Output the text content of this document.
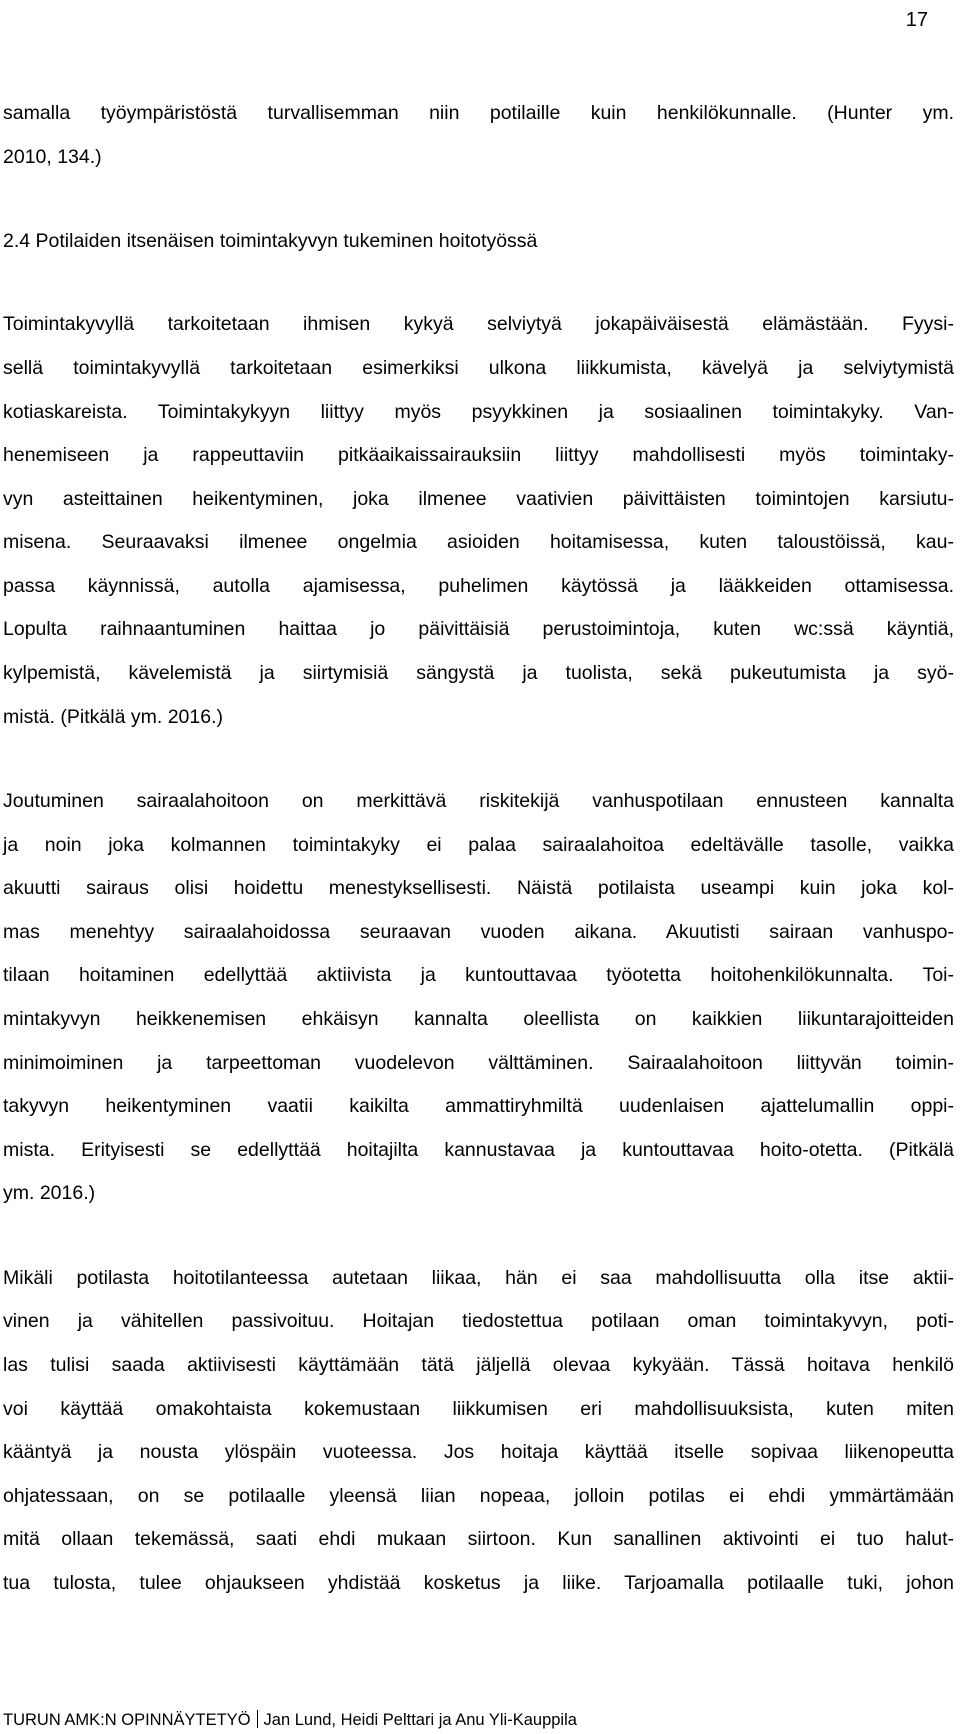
17
samalla työympäristöstä turvallisemman niin potilaille kuin henkilökunnalle. (Hunter ym.
2010, 134.)
2.4 Potilaiden itsenäisen toimintakyvyn tukeminen hoitotyössä
Toimintakyvyllä tarkoitetaan ihmisen kykyä selviytyä jokapäiväisestä elämästään. Fyysi-
sellä toimintakyvyllä tarkoitetaan esimerkiksi ulkona liikkumista, kävelyä ja selviytymistä
kotiaskareista. Toimintakykyyn liittyy myös psyykkinen ja sosiaalinen toimintakyky. Van-
henemiseen ja rappeuttaviin pitkäaikaissairauksiin liittyy mahdollisesti myös toimintaky-
vyn asteittainen heikentyminen, joka ilmenee vaativien päivittäisten toimintojen karsiutu-
misena. Seuraavaksi ilmenee ongelmia asioiden hoitamisessa, kuten taloustöissä, kau-
passa käynnissä, autolla ajamisessa, puhelimen käytössä ja lääkkeiden ottamisessa.
Lopulta raihnaantuminen haittaa jo päivittäisiä perustoimintoja, kuten wc:ssä käyntiä,
kylpemistä, kävelemistä ja siirtymisiä sängystä ja tuolista, sekä pukeutumista ja syö-
mistä. (Pitkälä ym. 2016.)
Joutuminen sairaalahoitoon on merkittävä riskitekijä vanhuspotilaan ennusteen kannalta
ja noin joka kolmannen toimintakyky ei palaa sairaalahoitoa edeltävälle tasolle, vaikka
akuutti sairaus olisi hoidettu menestyksellisesti. Näistä potilaista useampi kuin joka kol-
mas menehtyy sairaalahoidossa seuraavan vuoden aikana. Akuutisti sairaan vanhuspo-
tilaan hoitaminen edellyttää aktiivista ja kuntouttavaa työotetta hoitohenkilökunnalta. Toi-
mintakyvyn heikkenemisen ehkäisyn kannalta oleellista on kaikkien liikuntarajoitteiden
minimoiminen ja tarpeettoman vuodelevon välttäminen. Sairaalahoitoon liittyvän toimin-
takyvyn heikentyminen vaatii kaikilta ammattiryhmiltä uudenlaisen ajattelumallin oppi-
mista. Erityisesti se edellyttää hoitajilta kannustavaa ja kuntouttavaa hoito-otetta. (Pitkälä
ym. 2016.)
Mikäli potilasta hoitotilanteessa autetaan liikaa, hän ei saa mahdollisuutta olla itse aktii-
vinen ja vähitellen passivoituu. Hoitajan tiedostettua potilaan oman toimintakyvyn, poti-
las tulisi saada aktiivisesti käyttämään tätä jäljellä olevaa kykyään. Tässä hoitava henkilö
voi käyttää omakohtaista kokemustaan liikkumisen eri mahdollisuuksista, kuten miten
kääntyä ja nousta ylöspäin vuoteessa. Jos hoitaja käyttää itselle sopivaa liikenopeutta
ohjatessaan, on se potilaalle yleensä liian nopeaa, jolloin potilas ei ehdi ymmärtämään
mitä ollaan tekemässä, saati ehdi mukaan siirtoon. Kun sanallinen aktivointi ei tuo halut-
tua tulosta, tulee ohjaukseen yhdistää kosketus ja liike. Tarjoamalla potilaalle tuki, johon
TURUN AMK:N OPINNÄYTETYÖ Jan Lund, Heidi Pelttari ja Anu Yli-Kauppila
